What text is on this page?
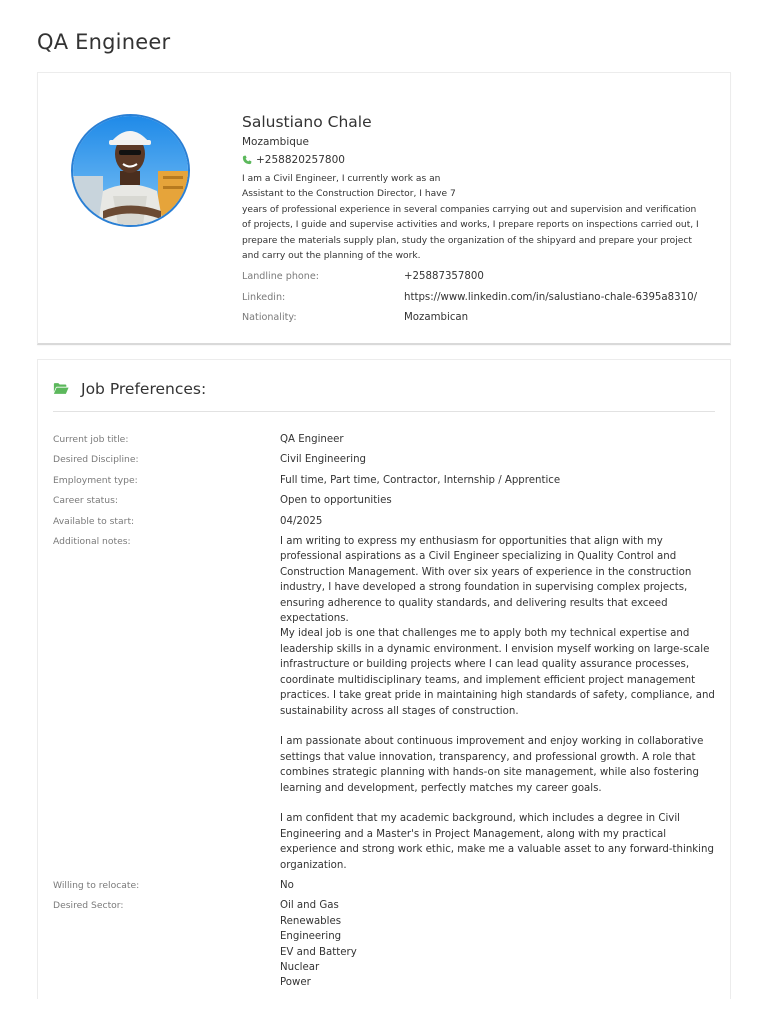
QA Engineer
Salustiano Chale
Mozambique
+258820257800
I am a Civil Engineer, I currently work as an
Assistant to the Construction Director, I have 7
years of professional experience in several companies carrying out and supervision and verification
of projects, I guide and supervise activities and works, I prepare reports on inspections carried out, I
prepare the materials supply plan, study the organization of the shipyard and prepare your project
and carry out the planning of the work.
Landline phone:	+25887357800
Linkedin:	https://www.linkedin.com/in/salustiano-chale-6395a8310/
Nationality:	Mozambican
Job Preferences:
Current job title:	QA Engineer
Desired Discipline:	Civil Engineering
Employment type:	Full time, Part time, Contractor, Internship / Apprentice
Career status:	Open to opportunities
Available to start:	04/2025
Additional notes:	I am writing to express my enthusiasm for opportunities that align with my
professional aspirations as a Civil Engineer specializing in Quality Control and
Construction Management. With over six years of experience in the construction
industry, I have developed a strong foundation in supervising complex projects,
ensuring adherence to quality standards, and delivering results that exceed
expectations.
My ideal job is one that challenges me to apply both my technical expertise and
leadership skills in a dynamic environment. I envision myself working on large-scale
infrastructure or building projects where I can lead quality assurance processes,
coordinate multidisciplinary teams, and implement efficient project management
practices. I take great pride in maintaining high standards of safety, compliance, and
sustainability across all stages of construction.
I am passionate about continuous improvement and enjoy working in collaborative
settings that value innovation, transparency, and professional growth. A role that
combines strategic planning with hands-on site management, while also fostering
learning and development, perfectly matches my career goals.
I am confident that my academic background, which includes a degree in Civil
Engineering and a Master's in Project Management, along with my practical
experience and strong work ethic, make me a valuable asset to any forward-thinking
organization.
Willing to relocate:	No
Desired Sector:	Oil and Gas
Renewables
Engineering
EV and Battery
Nuclear
Power
